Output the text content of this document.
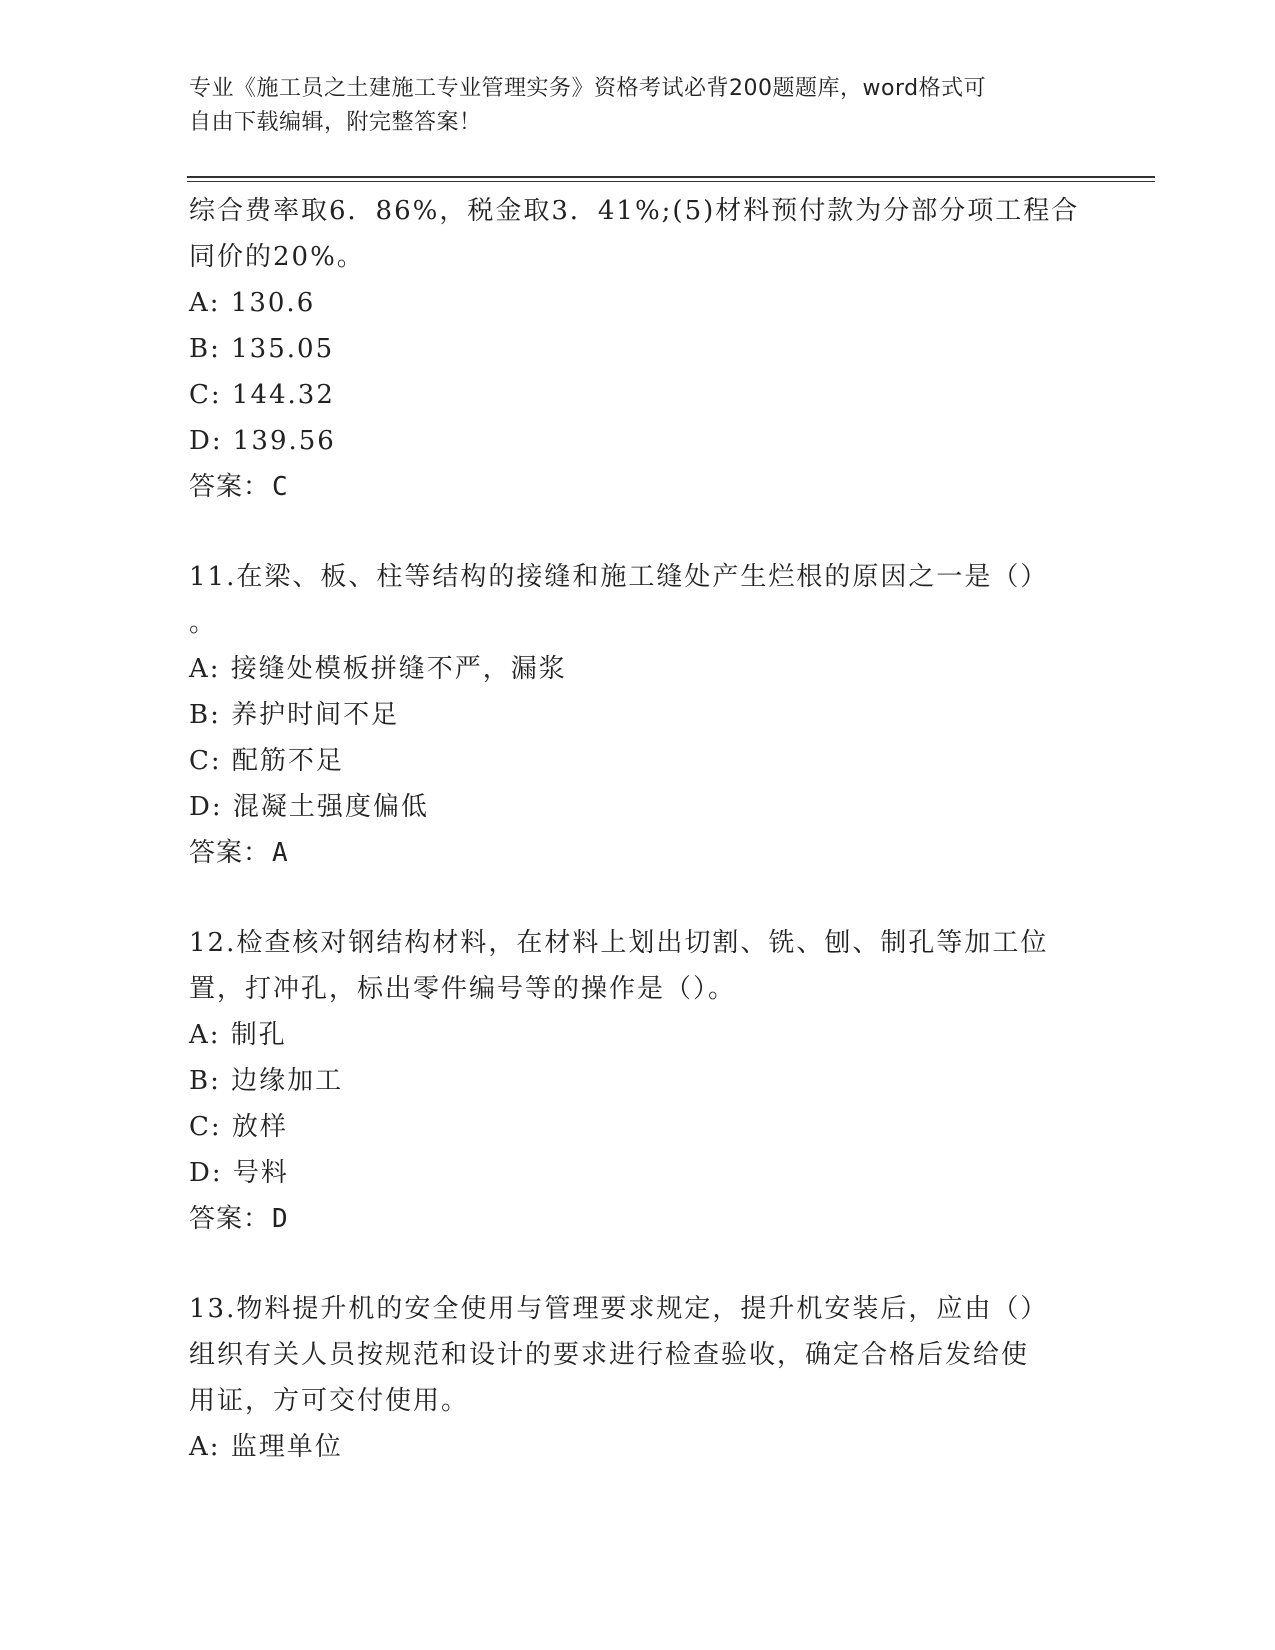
专业《施工员之土建施工专业管理实务》资格考试必背200题题库，word格式可
自由下载编辑，附完整答案！
综合费率取6．86%，税金取3．41%;(5)材料预付款为分部分项工程合
同价的20%。
A: 130.6
B: 135.05
C: 144.32
D: 139.56
答案：C
11.在梁、板、柱等结构的接缝和施工缝处产生烂根的原因之一是（）
。
A: 接缝处模板拼缝不严，漏浆
B: 养护时间不足
C: 配筋不足
D: 混凝土强度偏低
答案：A
12.检查核对钢结构材料，在材料上划出切割、铣、刨、制孔等加工位
置，打冲孔，标出零件编号等的操作是（）。
A: 制孔
B: 边缘加工
C: 放样
D: 号料
答案：D
13.物料提升机的安全使用与管理要求规定，提升机安装后，应由（）
组织有关人员按规范和设计的要求进行检查验收，确定合格后发给使
用证，方可交付使用。
A: 监理单位
